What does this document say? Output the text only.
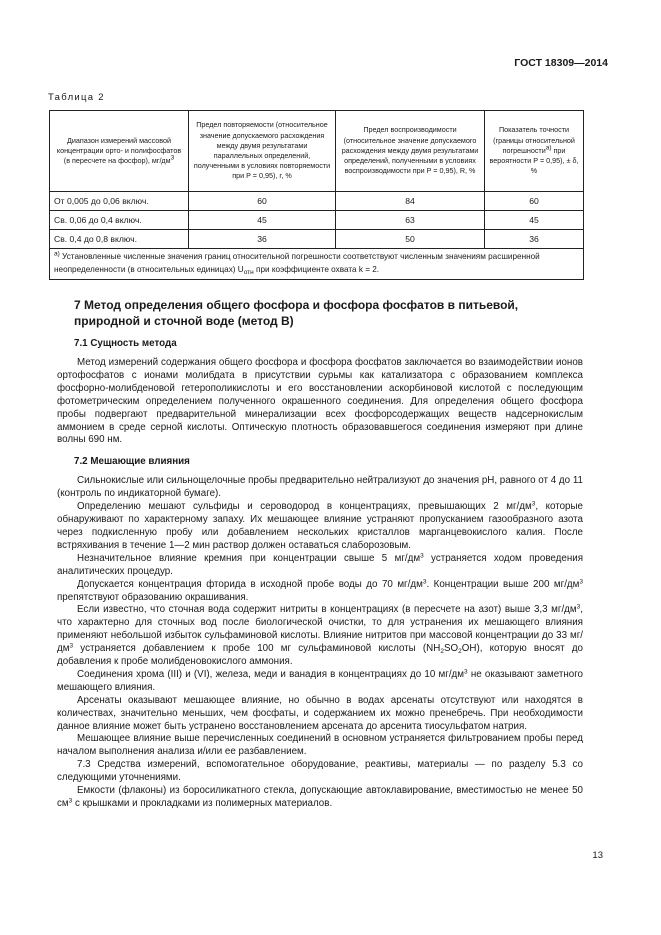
ГОСТ 18309—2014
Таблица 2
Диапазон измерений массовой концентрации орто- и полифосфатов (в пересчете на фосфор), $мг/дм^3$	Предел повторяемости (относительное значение допускаемого расхождения между двумя результатами параллельных определений, полученными в условиях повторяемости при P = 0,95), r, %	Предел воспроизводимости (относительное значение допускаемого расхождения между двумя результатами определений, полученными в условиях воспроизводимости при P = 0,95), R, %	Показатель точности (границы относительной погрешности$^{а)}$ при вероятности P = 0,95), ± δ, %
От 0,005 до 0,06 включ.	60	84	60
Св. 0,06 до 0,4 включ.	45	63	45
Св. 0,4 до 0,8 включ.	36	50	36
$^{а)}$ Установленные численные значения границ относительной погрешности соответствуют численным значениям расширенной неопределенности (в относительных единицах) $U_{отн}$ при коэффициенте охвата k = 2.			
7 Метод определения общего фосфора и фосфора фосфатов в питьевой, природной и сточной воде (метод В)
7.1 Сущность метода

Метод измерений содержания общего фосфора и фосфора фосфатов заключается во взаимодействии ионов ортофосфатов с ионами молибдата в присутствии сурьмы как катализатора с образованием комплекса фосфорно-молибденовой гетерополикислоты и его восстановлении аскорбиновой кислотой с последующим фотометрическим определением полученного окрашенного соединения. Для определения общего фосфора пробы подвергают предварительной минерализации всех фосфорсодержащих веществ надсернокислым аммонием в среде серной кислоты. Оптическую плотность образовавшегося соединения измеряют при длине волны 690 нм.

7.2 Мешающие влияния

Сильнокислые или сильнощелочные пробы предварительно нейтрализуют до значения рН, равного от 4 до 11 (контроль по индикаторной бумаге).

Определению мешают сульфиды и сероводород в концентрациях, превышающих 2 $мг/дм^3$, которые обнаруживают по характерному запаху. Их мешающее влияние устраняют пропусканием газообразного азота через подкисленную пробу или добавлением нескольких кристаллов марганцевокислого калия. После встряхивания в течение 1—2 мин раствор должен оставаться слаборозовым.

Незначительное влияние кремния при концентрации свыше 5 $мг/дм^3$ устраняется ходом проведения аналитических процедур.

Допускается концентрация фторида в исходной пробе воды до 70 $мг/дм^3$. Концентрации выше 200 $мг/дм^3$ препятствуют образованию окрашивания.

Если известно, что сточная вода содержит нитриты в концентрациях (в пересчете на азот) выше 3,3 $мг/дм^3$, что характерно для сточных вод после биологической очистки, то для устранения их мешающего влияния применяют небольшой избыток сульфаминовой кислоты. Влияние нитритов при массовой концентрации до 33 $мг/дм^3$ устраняется добавлением к пробе 100 мг сульфаминовой кислоты $(NH_2SO_2OH)$, которую вносят до добавления к пробе молибденовокислого аммония.

Соединения хрома (III) и (VI), железа, меди и ванадия в концентрациях до 10 $мг/дм^3$ не оказывают заметного мешающего влияния.

Арсенаты оказывают мешающее влияние, но обычно в водах арсенаты отсутствуют или находятся в количествах, значительно меньших, чем фосфаты, и содержанием их можно пренебречь. При необходимости данное влияние может быть устранено восстановлением арсената до арсенита тиосульфатом натрия.

Мешающее влияние выше перечисленных соединений в основном устраняется фильтрованием пробы перед началом выполнения анализа и/или ее разбавлением.

7.3 Средства измерений, вспомогательное оборудование, реактивы, материалы — по разделу 5.3 со следующими уточнениями.

Емкости (флаконы) из боросиликатного стекла, допускающие автоклавирование, вместимостью не менее 50 $см^3$ с крышками и прокладками из полимерных материалов.

13
